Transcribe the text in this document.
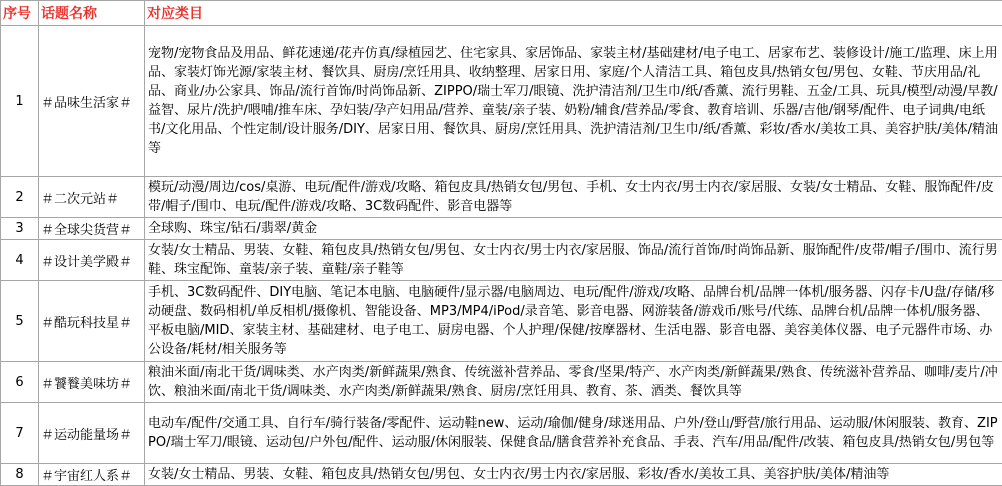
序号	话题名称	对应类目
1	＃品味生活家＃	宠物/宠物食品及用品、鲜花速递/花卉仿真/绿植园艺、住宅家具、家居饰品、家装主材/基础建材/电子电工、居家布艺、装修设计/施工/监理、床上用品、家装灯饰光源/家装主材、餐饮具、厨房/烹饪用具、收纳整理、居家日用、家庭/个人清洁工具、箱包皮具/热销女包/男包、女鞋、节庆用品/礼品、商业/办公家具、饰品/流行首饰/时尚饰品新、ZIPPO/瑞士军刀/眼镜、洗护清洁剂/卫生巾/纸/香薰、流行男鞋、五金/工具、玩具/模型/动漫/早教/益智、尿片/洗护/喂哺/推车床、孕妇装/孕产妇用品/营养、童装/亲子装、奶粉/辅食/营养品/零食、教育培训、乐器/吉他/钢琴/配件、电子词典/电纸书/文化用品、个性定制/设计服务/DIY、居家日用、餐饮具、厨房/烹饪用具、洗护清洁剂/卫生巾/纸/香薰、彩妆/香水/美妆工具、美容护肤/美体/精油 等
2	＃二次元站＃	模玩/动漫/周边/cos/桌游、电玩/配件/游戏/攻略、箱包皮具/热销女包/男包、手机、女士内衣/男士内衣/家居服、女装/女士精品、女鞋、服饰配件/皮带/帽子/围巾、电玩/配件/游戏/攻略、3C数码配件、影音电器等
3	＃全球尖货营＃	全球购、珠宝/钻石/翡翠/黄金
4	＃设计美学殿＃	女装/女士精品、男装、女鞋、箱包皮具/热销女包/男包、女士内衣/男士内衣/家居服、饰品/流行首饰/时尚饰品新、服饰配件/皮带/帽子/围巾、流行男鞋、珠宝配饰、童装/亲子装、童鞋/亲子鞋等
5	＃酷玩科技星＃	手机、3C数码配件、DIY电脑、笔记本电脑、电脑硬件/显示器/电脑周边、电玩/配件/游戏/攻略、品牌台机/品牌一体机/服务器、闪存卡/U盘/存储/移动硬盘、数码相机/单反相机/摄像机、智能设备、MP3/MP4/iPod/录音笔、影音电器、网游装备/游戏币/账号/代练、品牌台机/品牌一体机/服务器、平板电脑/MID、家装主材、基础建材、电子电工、厨房电器、个人护理/保健/按摩器材、生活电器、影音电器、美容美体仪器、电子元器件市场、办公设备/耗材/相关服务等
6	＃饕餮美味坊＃	粮油米面/南北干货/调味类、水产肉类/新鲜蔬果/熟食、传统滋补营养品、零食/坚果/特产、水产肉类/新鲜蔬果/熟食、传统滋补营养品、咖啡/麦片/冲饮、粮油米面/南北干货/调味类、水产肉类/新鲜蔬果/熟食、厨房/烹饪用具、教育、茶、酒类、餐饮具等
7	＃运动能量场＃	电动车/配件/交通工具、自行车/骑行装备/零配件、运动鞋new、运动/瑜伽/健身/球迷用品、户外/登山/野营/旅行用品、运动服/休闲服装、教育、ZIPPO/瑞士军刀/眼镜、运动包/户外包/配件、运动服/休闲服装、保健食品/膳食营养补充食品、手表、汽车/用品/配件/改装、箱包皮具/热销女包/男包等
8	＃宇宙红人系＃	女装/女士精品、男装、女鞋、箱包皮具/热销女包/男包、女士内衣/男士内衣/家居服、彩妆/香水/美妆工具、美容护肤/美体/精油等
